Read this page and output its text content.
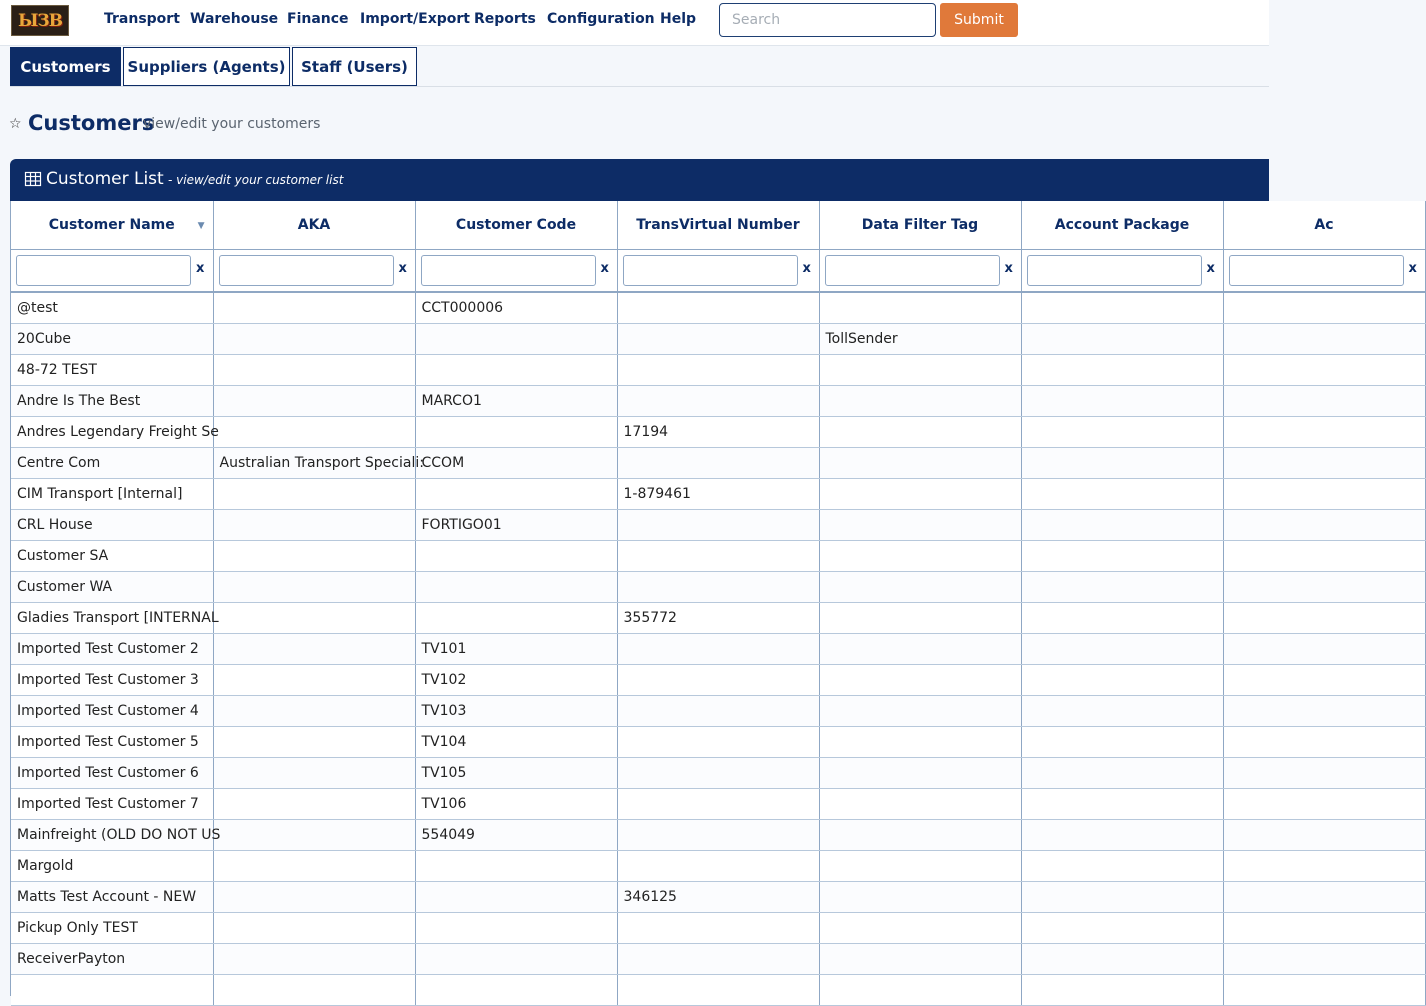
ЫЗВ	Transport Warehouse Finance Import/Export Reports Configuration Help
Search	Submit
Customers	Suppliers (Agents)	Staff (Users)
☆ Customers
view/edit your customers
Customer List - view/edit your customer list
Customer Name ▼	AKA	Customer Code	TransVirtual Number	Data Filter Tag	Account Package	Ac

x	x	x	x	x	x	x

@test		CCT000006				
20Cube				TollSender		
48-72 TEST						
Andre Is The Best		MARCO1				
Andres Legendary Freight Se			17194			
Centre Com	Australian Transport Speciali:	CCOM				
CIM Transport [Internal]			1-879461			
CRL House		FORTIGO01				
Customer SA						
Customer WA						
Gladies Transport [INTERNAL			355772			
Imported Test Customer 2		TV101				
Imported Test Customer 3		TV102				
Imported Test Customer 4		TV103				
Imported Test Customer 5		TV104				
Imported Test Customer 6		TV105				
Imported Test Customer 7		TV106				
Mainfreight (OLD DO NOT US		554049				
Margold						
Matts Test Account - NEW			346125			
Pickup Only TEST						
ReceiverPayton						
